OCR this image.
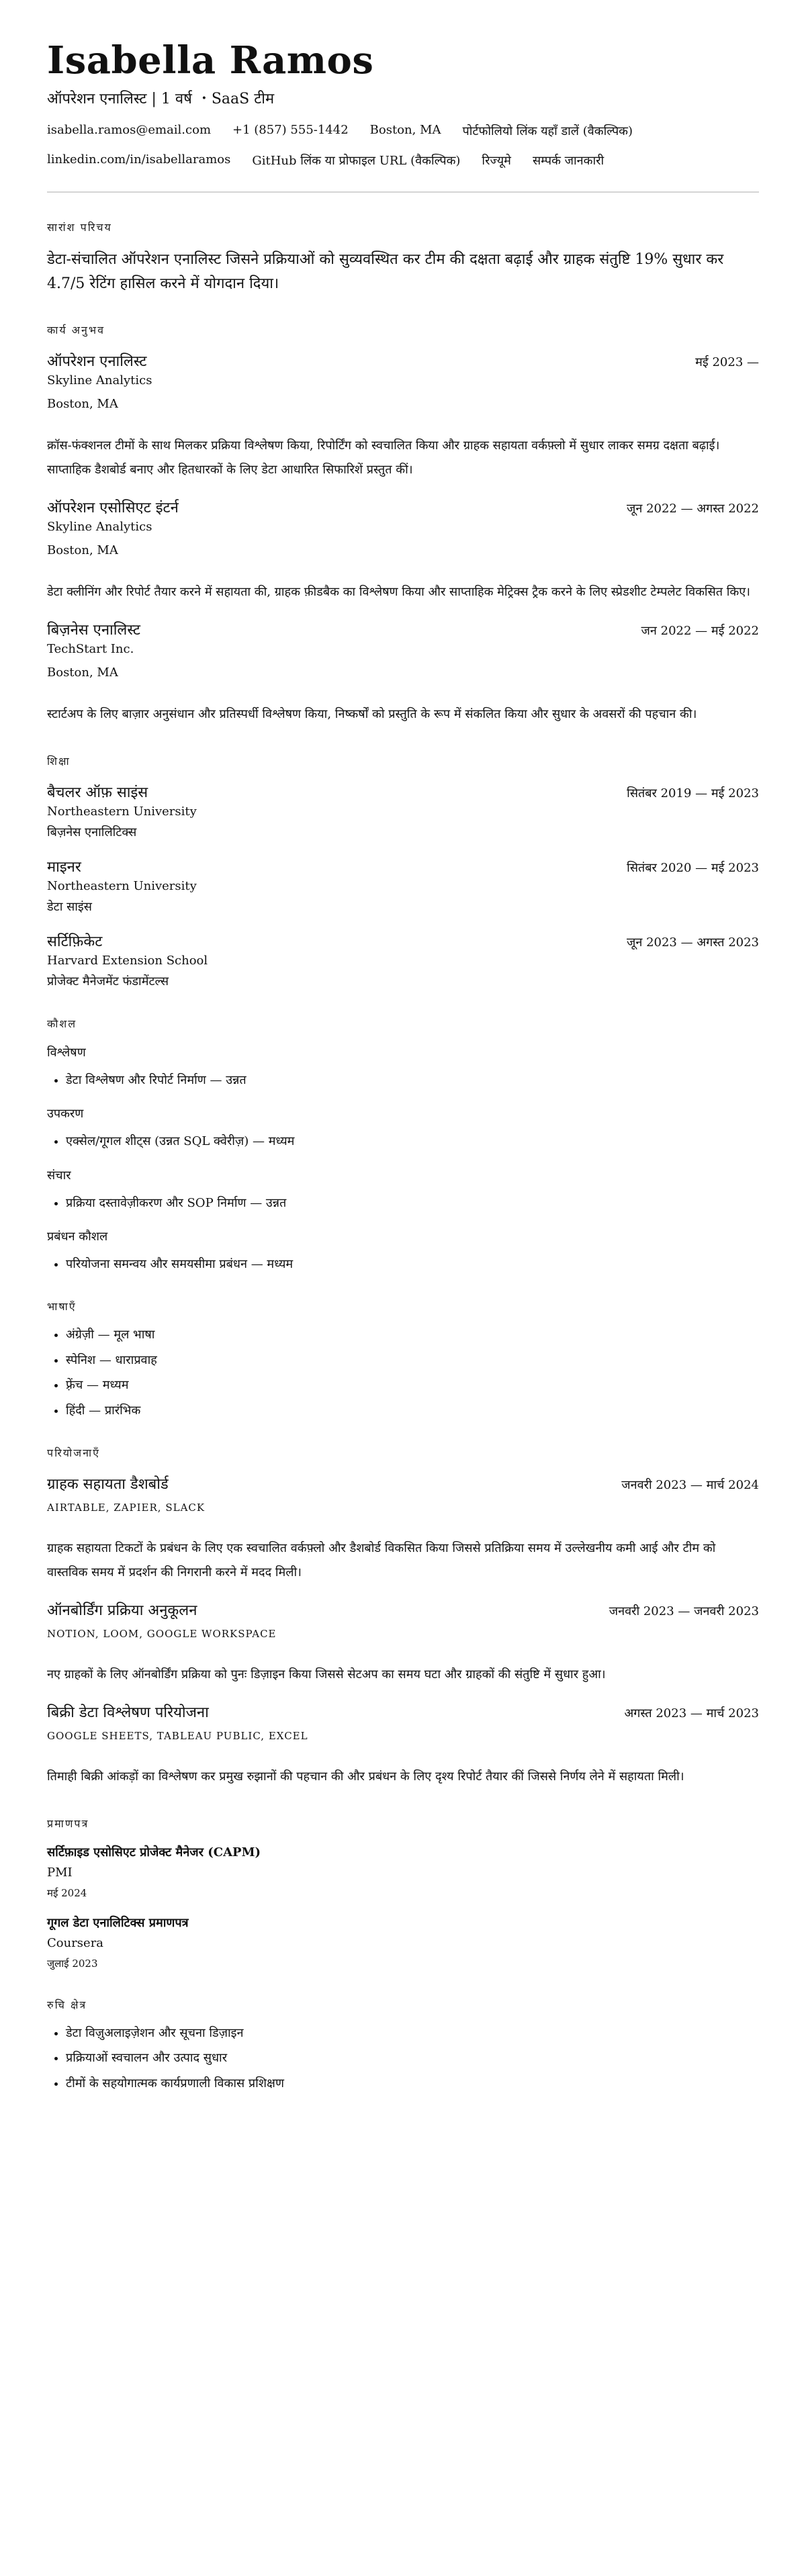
Isabella Ramos
ऑपरेशन एनालिस्ट | 1 वर्ष ・SaaS टीम
isabella.ramos@email.com +1 (857) 555-1442 Boston, MA पोर्टफोलियो लिंक यहाँ डालें (वैकल्पिक)
linkedin.com/in/isabellaramos GitHub लिंक या प्रोफाइल URL (वैकल्पिक) रिज्यूमे सम्पर्क जानकारी
सारांश परिचय
डेटा-संचालित ऑपरेशन एनालिस्ट जिसने प्रक्रियाओं को सुव्यवस्थित कर टीम की दक्षता बढ़ाई और ग्राहक संतुष्टि 19% सुधार कर 4.7/5 रेटिंग हासिल करने में योगदान दिया।
कार्य अनुभव
ऑपरेशन एनालिस्ट	मई 2023 —
Skyline Analytics
Boston, MA
क्रॉस-फंक्शनल टीमों के साथ मिलकर प्रक्रिया विश्लेषण किया, रिपोर्टिंग को स्वचालित किया और ग्राहक सहायता वर्कफ़्लो में सुधार लाकर समग्र दक्षता बढ़ाई। साप्ताहिक डैशबोर्ड बनाए और हितधारकों के लिए डेटा आधारित सिफारिशें प्रस्तुत कीं।
ऑपरेशन एसोसिएट इंटर्न	जून 2022 — अगस्त 2022
Skyline Analytics
Boston, MA
डेटा क्लीनिंग और रिपोर्ट तैयार करने में सहायता की, ग्राहक फ़ीडबैक का विश्लेषण किया और साप्ताहिक मेट्रिक्स ट्रैक करने के लिए स्प्रेडशीट टेम्पलेट विकसित किए।
बिज़नेस एनालिस्ट	जन 2022 — मई 2022
TechStart Inc.
Boston, MA
स्टार्टअप के लिए बाज़ार अनुसंधान और प्रतिस्पर्धी विश्लेषण किया, निष्कर्षों को प्रस्तुति के रूप में संकलित किया और सुधार के अवसरों की पहचान की।
शिक्षा
बैचलर ऑफ़ साइंस	सितंबर 2019 — मई 2023
Northeastern University
बिज़नेस एनालिटिक्स
माइनर	सितंबर 2020 — मई 2023
Northeastern University
डेटा साइंस
सर्टिफ़िकेट	जून 2023 — अगस्त 2023
Harvard Extension School
प्रोजेक्ट मैनेजमेंट फंडामेंटल्स
कौशल
विश्लेषण
• डेटा विश्लेषण और रिपोर्ट निर्माण — उन्नत
उपकरण
• एक्सेल/गूगल शीट्स (उन्नत SQL क्वेरीज़) — मध्यम
संचार
• प्रक्रिया दस्तावेज़ीकरण और SOP निर्माण — उन्नत
प्रबंधन कौशल
• परियोजना समन्वय और समयसीमा प्रबंधन — मध्यम
भाषाएँ
• अंग्रेज़ी — मूल भाषा
• स्पेनिश — धाराप्रवाह
• फ़्रेंच — मध्यम
• हिंदी — प्रारंभिक
परियोजनाएँ
ग्राहक सहायता डैशबोर्ड	जनवरी 2023 — मार्च 2024
AIRTABLE, ZAPIER, SLACK
ग्राहक सहायता टिकटों के प्रबंधन के लिए एक स्वचालित वर्कफ़्लो और डैशबोर्ड विकसित किया जिससे प्रतिक्रिया समय में उल्लेखनीय कमी आई और टीम को वास्तविक समय में प्रदर्शन की निगरानी करने में मदद मिली।
ऑनबोर्डिंग प्रक्रिया अनुकूलन	जनवरी 2023 — जनवरी 2023
NOTION, LOOM, GOOGLE WORKSPACE
नए ग्राहकों के लिए ऑनबोर्डिंग प्रक्रिया को पुनः डिज़ाइन किया जिससे सेटअप का समय घटा और ग्राहकों की संतुष्टि में सुधार हुआ।
बिक्री डेटा विश्लेषण परियोजना	अगस्त 2023 — मार्च 2023
GOOGLE SHEETS, TABLEAU PUBLIC, EXCEL
तिमाही बिक्री आंकड़ों का विश्लेषण कर प्रमुख रुझानों की पहचान की और प्रबंधन के लिए दृश्य रिपोर्ट तैयार कीं जिससे निर्णय लेने में सहायता मिली।
प्रमाणपत्र
सर्टिफ़ाइड एसोसिएट प्रोजेक्ट मैनेजर (CAPM)
PMI
मई 2024
गूगल डेटा एनालिटिक्स प्रमाणपत्र
Coursera
जुलाई 2023
रुचि क्षेत्र
• डेटा विज़ुअलाइज़ेशन और सूचना डिज़ाइन
• प्रक्रियाओं स्वचालन और उत्पाद सुधार
• टीमों के सहयोगात्मक कार्यप्रणाली विकास प्रशिक्षण
